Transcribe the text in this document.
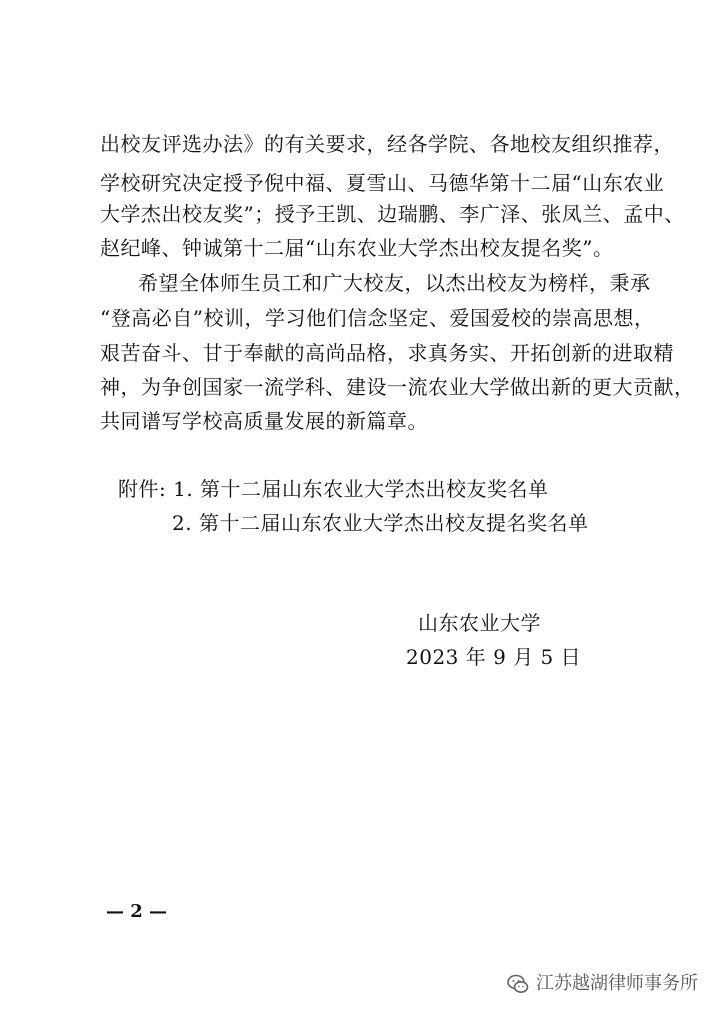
出校友评选办法》的有关要求，经各学院、各地校友组织推荐，
学校研究决定授予倪中福、夏雪山、马德华第十二届“山东农业
大学杰出校友奖”；授予王凯、边瑞鹏、李广泽、张凤兰、孟中、
赵纪峰、钟诚第十二届“山东农业大学杰出校友提名奖”。
希望全体师生员工和广大校友，以杰出校友为榜样，秉承
“登高必自”校训，学习他们信念坚定、爱国爱校的崇高思想，
艰苦奋斗、甘于奉献的高尚品格，求真务实、开拓创新的进取精
神，为争创国家一流学科、建设一流农业大学做出新的更大贡献，
共同谱写学校高质量发展的新篇章。
附件: 1. 第十二届山东农业大学杰出校友奖名单
2. 第十二届山东农业大学杰出校友提名奖名单
山东农业大学
2023 年 9 月 5 日
— 2 —
江苏越湖律师事务所
